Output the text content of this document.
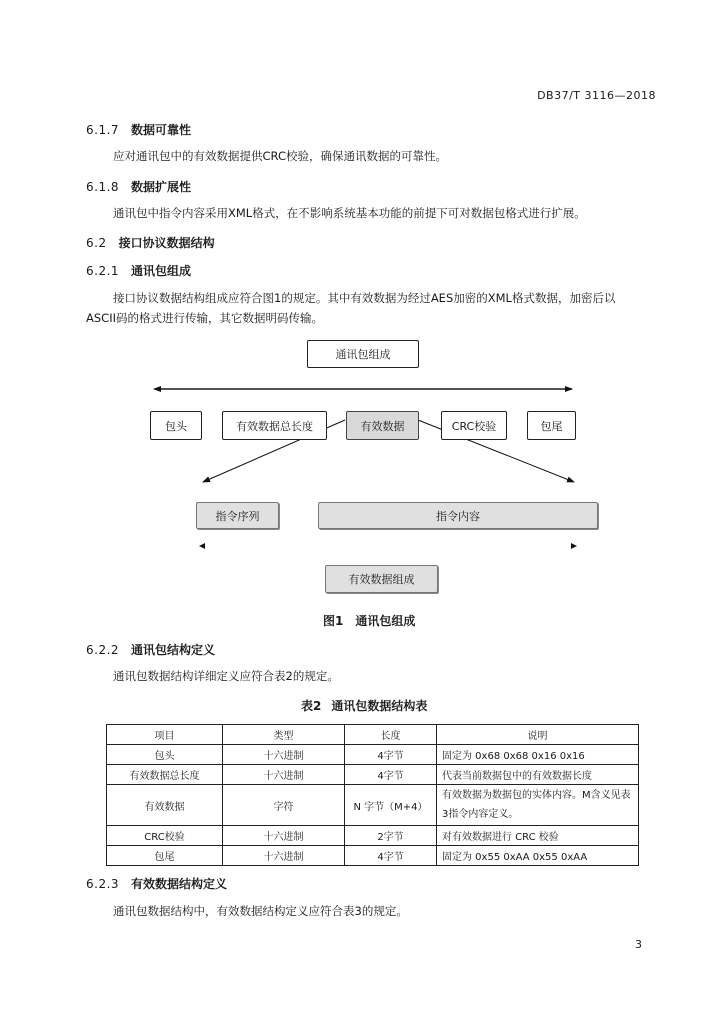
DB37/T 3116—2018
6.1.7 数据可靠性
应对通讯包中的有效数据提供CRC校验，确保通讯数据的可靠性。
6.1.8 数据扩展性
通讯包中指令内容采用XML格式，在不影响系统基本功能的前提下可对数据包格式进行扩展。
6.2 接口协议数据结构
6.2.1 通讯包组成
接口协议数据结构组成应符合图1的规定。其中有效数据为经过AES加密的XML格式数据，加密后以
ASCII码的格式进行传输，其它数据明码传输。
通讯包组成
包头	有效数据总长度	有效数据	CRC校验	包尾
指令序列	指令内容
有效数据组成
图1 通讯包组成
6.2.2 通讯包结构定义
通讯包数据结构详细定义应符合表2的规定。
表2 通讯包数据结构表
项目	类型	长度	说明
包头	十六进制	4字节	固定为 0x68 0x68 0x16 0x16
有效数据总长度	十六进制	4字节	代表当前数据包中的有效数据长度
有效数据	字符	N 字节（M+4）	有效数据为数据包的实体内容。M含义见表3指令内容定义。
CRC校验	十六进制	2字节	对有效数据进行 CRC 校验
包尾	十六进制	4字节	固定为 0x55 0xAA 0x55 0xAA
6.2.3 有效数据结构定义
通讯包数据结构中，有效数据结构定义应符合表3的规定。
3
